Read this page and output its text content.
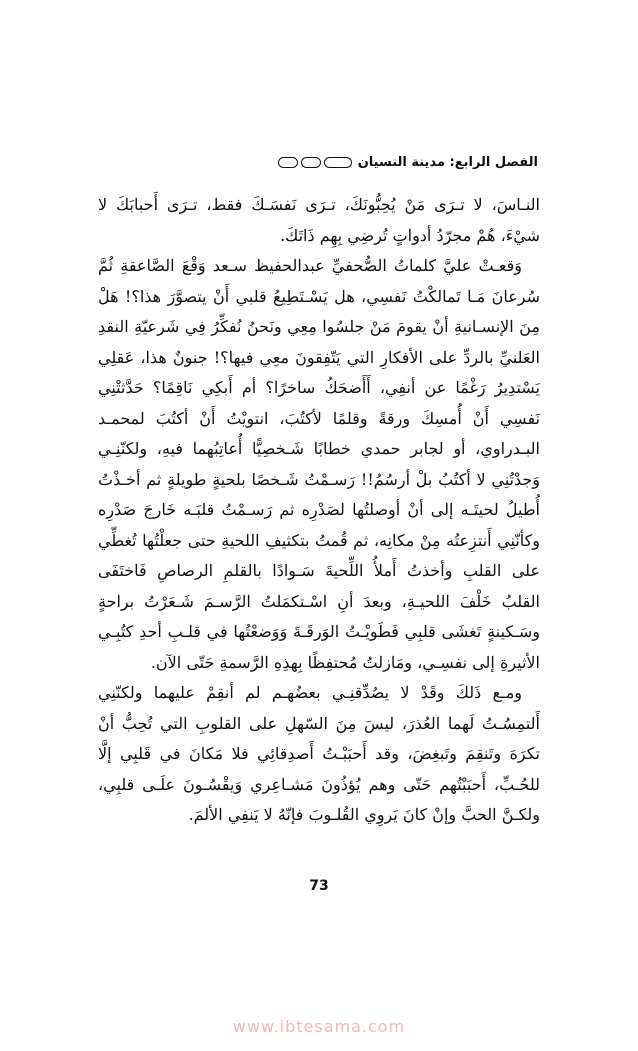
الفصل الرابع: مدينة النسيان

النـاسَ، لا تـرَى مَنْ يُحِبُّونَكَ، تـرَى نَفسَـكَ فقط، تـرَى أَحبابَكَ لا شيْءَ، هُمْ مجرّدُ أدواتٍ تُرضِي بِهِم ذَاتَكَ.

وَقعـتْ عليَّ كلماتُ الصُّحفيِّ عبدالحفيظ سـعد وَقْعَ الصَّاعقةِ ثُمَّ سُرعانَ مَـا تَمالكْتُ نَفسِي، هل يَسْـتَطِيعُ قلبي أَنْ يتصوَّرَ هذا؟! هَلْ مِنَ الإنسـانيةِ أنْ يقومَ مَنْ جلسُوا مِعِي ونَحنُ نُفكِّرُ فِي شَرعيّةِ النقدِ العَلنيِّ بالردِّ على الأفكارِ التي يَتّفِقونَ معِي فيها؟! جنونٌ هذا، عَقلِي يَسْتدِيرُ رَغْمًا عن أنفِي، أَأَضحَكُ ساخرًا؟ أم أَبكِي نَاقِمًا؟ حَدَّثتْنِي نَفسِي أَنْ أُمسِكَ ورقةً وقلمًا لأكتُبَ، انتويْتُ أَنْ أكتُبَ لمحمـد البـدراوي، أو لجابر حمدي خطابًا شَـخصِيًّا أُعاتِبُهما فيهِ، ولكنّنِـي وَجدْتُنِي لا أكتُبُ بلْ أرسُمُ!! رَسـمْتُ شَـخصًا بلحيةٍ طويلةٍ ثم أخـذْتُ أُطيلُ لحيتَـه إلى أنْ أوصلتُها لصَدْرِه ثم رَسـمْتُ قلبَـه خَارجَ صَدْرِه وكأنّنِي أَنتزِعتُه مِنْ مكانِه، ثم قُمتُ بتكثيفِ اللحيةِ حتى جعلْتُها تُغطِّي على القلبِ وأخذتُ أَملأُ اللِّحيةَ سَـوادًا بالقلمِ الرصاصِ فَاختَفَى القلبُ خَلْفَ اللحيـةِ، وبعدَ أنِ اسْـتكمَلتُ الرَّسـمَ شَـعَرْتُ براحةٍ وسَـكينةٍ تَغشَى قلبِي فَطَويْـتُ الوَرقَـةَ وَوَضعْتُها في قلـبِ أحدِ كتُبِـي الأثيرةِ إلى نفسِـي، ومَازلتُ مُحتفِظًا بِهذِهِ الرَّسمةِ حَتّى الآن.

ومـع ذَلكَ وقَدْ لا يصُدِّقنِـي بعضُهـم لم أنقِمْ عليهما ولكنّنِي أَلتمِسُـتُ لَهما العُذرَ، ليسَ مِنَ السّهلِ على القلوبِ التي تُحِبُّ أنْ تكرَهَ وتَنقِمَ وتَبغِضَ، وقد أَحبَبْـتُ أَصدِقائِي فلا مَكانَ في قَلبِي إلَّا للحُـبِّ، أَحبَبْتُهم حَتّى وهم يُؤذُونَ مَشـاعِري وَيقْسُـونَ علَـى قلبِي، ولكـنَّ الحبَّ وإنْ كانَ يَروِي القُلـوبَ فإنّهُ لا يَنفِي الألمَ.

73
www.ibtesama.com
